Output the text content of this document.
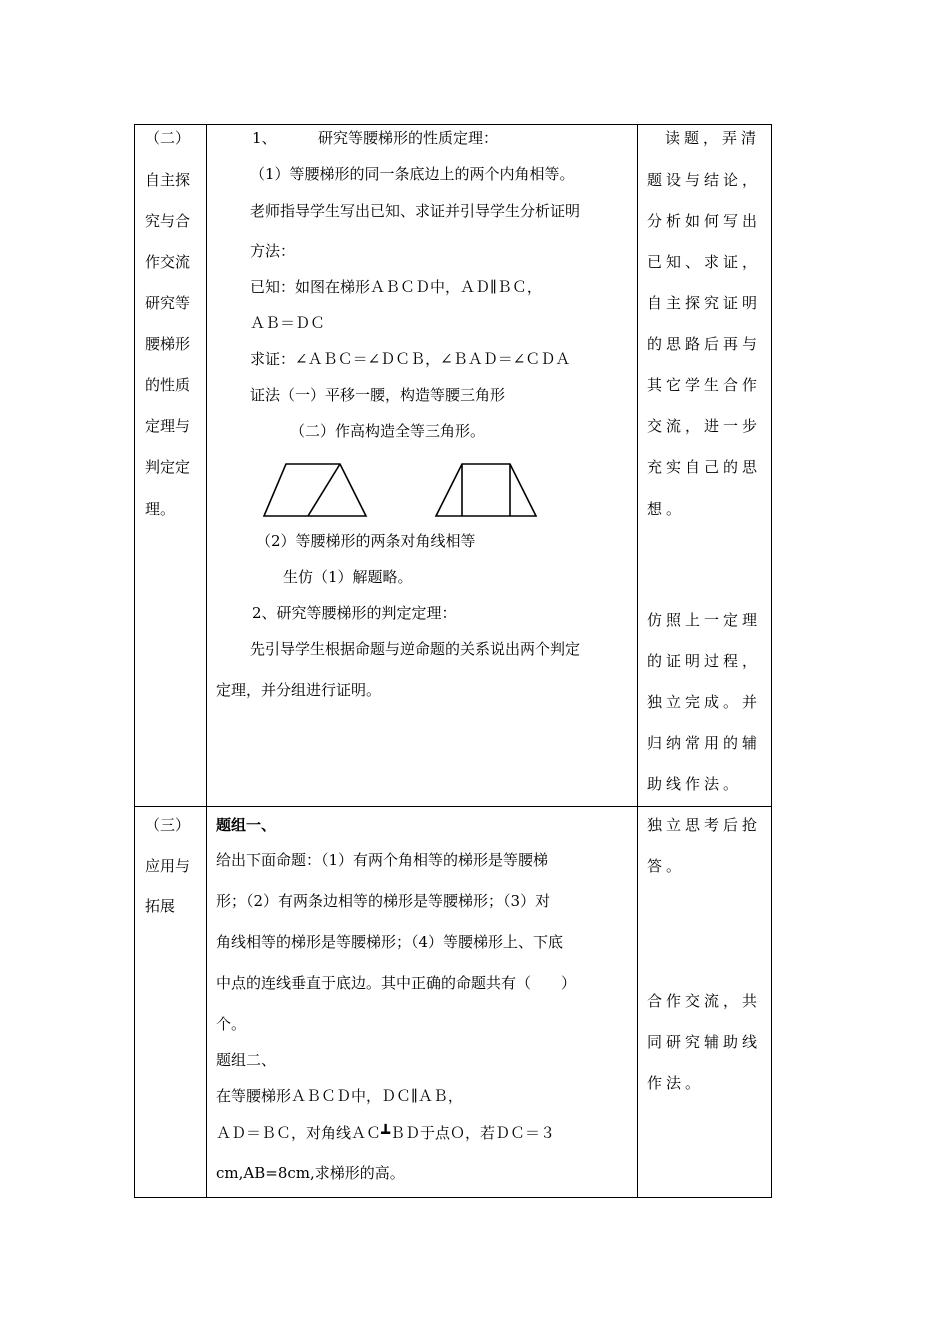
（二）
自主探
究与合
作交流
研究等
腰梯形
的性质
定理与
判定定
理。
1、	研究等腰梯形的性质定理：
（1）等腰梯形的同一条底边上的两个内角相等。
老师指导学生写出已知、求证并引导学生分析证明
方法：
已知：如图在梯形ＡＢＣＤ中，ＡＤ∥ＢＣ，
ＡＢ＝ＤＣ
求证：∠ＡＢＣ＝∠ＤＣＢ，∠ＢＡＤ＝∠ＣＤＡ
证法（一）平移一腰，构造等腰三角形
（二）作高构造全等三角形。
（2）等腰梯形的两条对角线相等
生仿（1）解题略。
2、研究等腰梯形的判定定理：
先引导学生根据命题与逆命题的关系说出两个判定
定理，并分组进行证明。
读题，弄清
题设与结论，
分析如何写出
已知、求证，
自主探究证明
的思路后再与
其它学生合作
交流，进一步
充实自己的思
想。
仿照上一定理
的证明过程，
独立完成。并
归纳常用的辅
助线作法。
（三）
应用与
拓展
题组一、
给出下面命题：（1）有两个角相等的梯形是等腰梯
形；（2）有两条边相等的梯形是等腰梯形；（3）对
角线相等的梯形是等腰梯形；（4）等腰梯形上、下底
中点的连线垂直于底边。其中正确的命题共有（　　）
个。
题组二、
在等腰梯形ＡＢＣＤ中，ＤＣ∥ＡＢ，
ＡＤ＝ＢＣ，对角线ＡＣ┻ＢＤ于点Ｏ，若ＤＣ＝３
cm,AB=8cm,求梯形的高。
独立思考后抢
答。
合作交流，共
同研究辅助线
作法。
